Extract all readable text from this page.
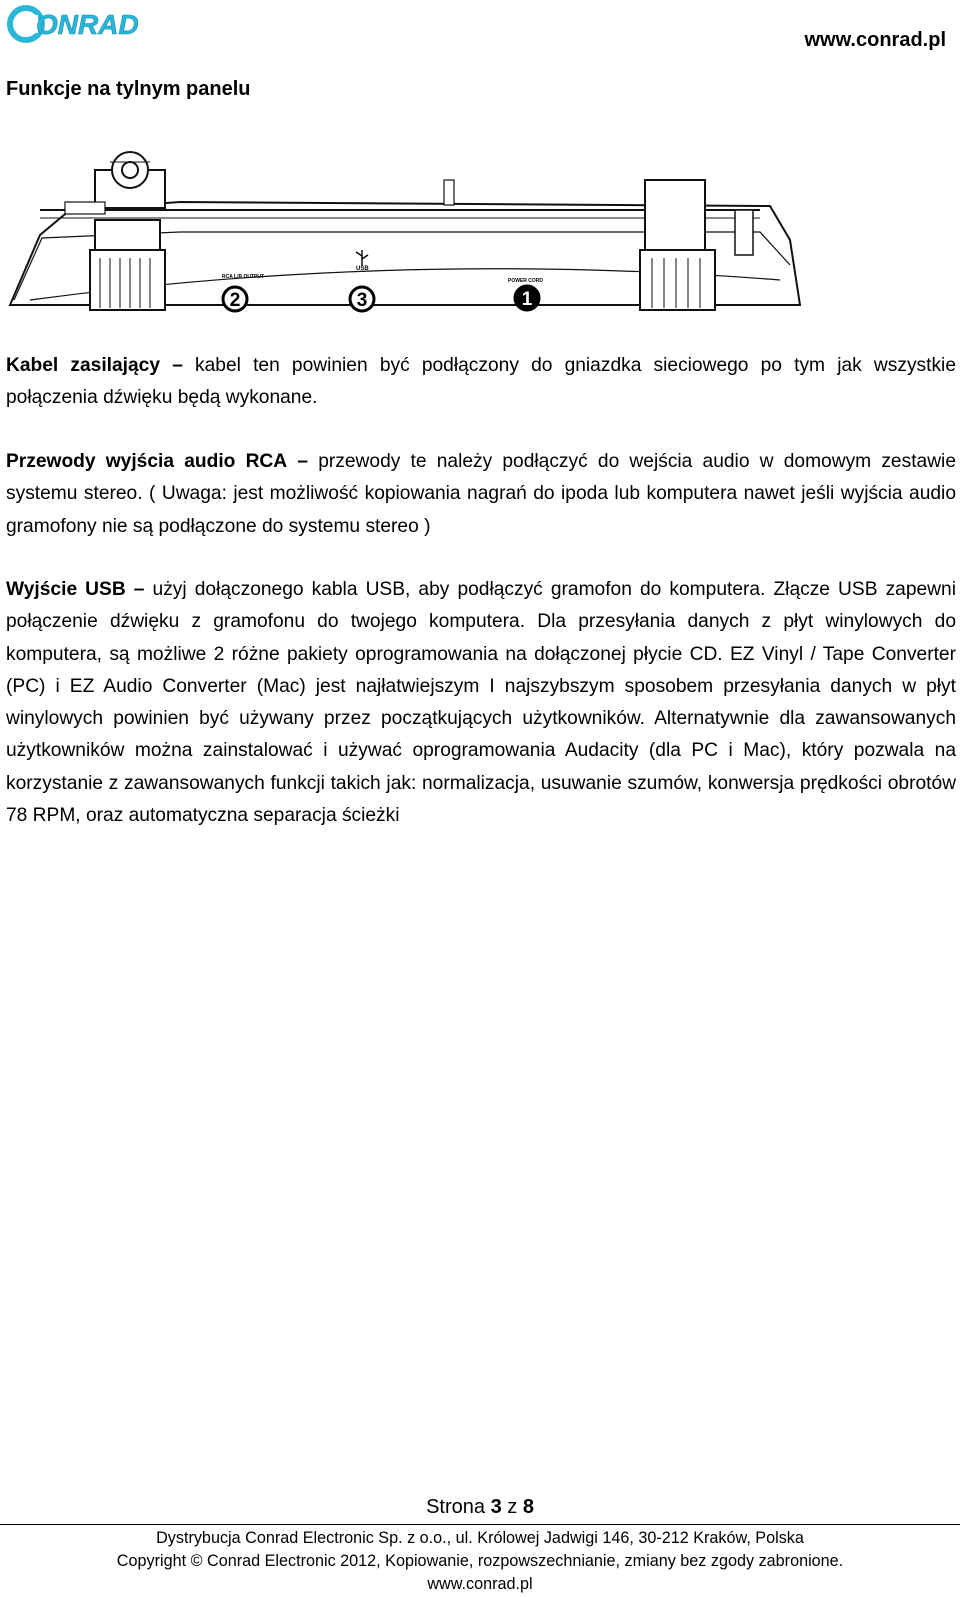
ONRAD	www.conrad.pl
Funkcje na tylnym panelu
RCA L/R OUTPUT
USB
POWER CORD
2	3	1
Kabel zasilający – kabel ten powinien być podłączony do gniazdka sieciowego po tym jak wszystkie połączenia dźwięku będą wykonane.
Przewody wyjścia audio RCA – przewody te należy podłączyć do wejścia audio w domowym zestawie systemu stereo. ( Uwaga: jest możliwość kopiowania nagrań do ipoda lub komputera nawet jeśli wyjścia audio gramofony nie są podłączone do systemu stereo )
Wyjście USB – użyj dołączonego kabla USB, aby podłączyć gramofon do komputera. Złącze USB zapewni połączenie dźwięku z gramofonu do twojego komputera. Dla przesyłania danych z płyt winylowych do komputera, są możliwe 2 różne pakiety oprogramowania na dołączonej płycie CD. EZ Vinyl / Tape Converter (PC) i EZ Audio Converter (Mac) jest najłatwiejszym I najszybszym sposobem przesyłania danych w płyt winylowych powinien być używany przez początkujących użytkowników. Alternatywnie dla zawansowanych użytkowników można zainstalować i używać oprogramowania Audacity (dla PC i Mac), który pozwala na korzystanie z zawansowanych funkcji takich jak: normalizacja, usuwanie szumów, konwersja prędkości obrotów 78 RPM, oraz automatyczna separacja ścieżki
Strona 3 z 8
Dystrybucja Conrad Electronic Sp. z o.o., ul. Królowej Jadwigi 146, 30-212 Kraków, Polska
Copyright © Conrad Electronic 2012, Kopiowanie, rozpowszechnianie, zmiany bez zgody zabronione.
www.conrad.pl
